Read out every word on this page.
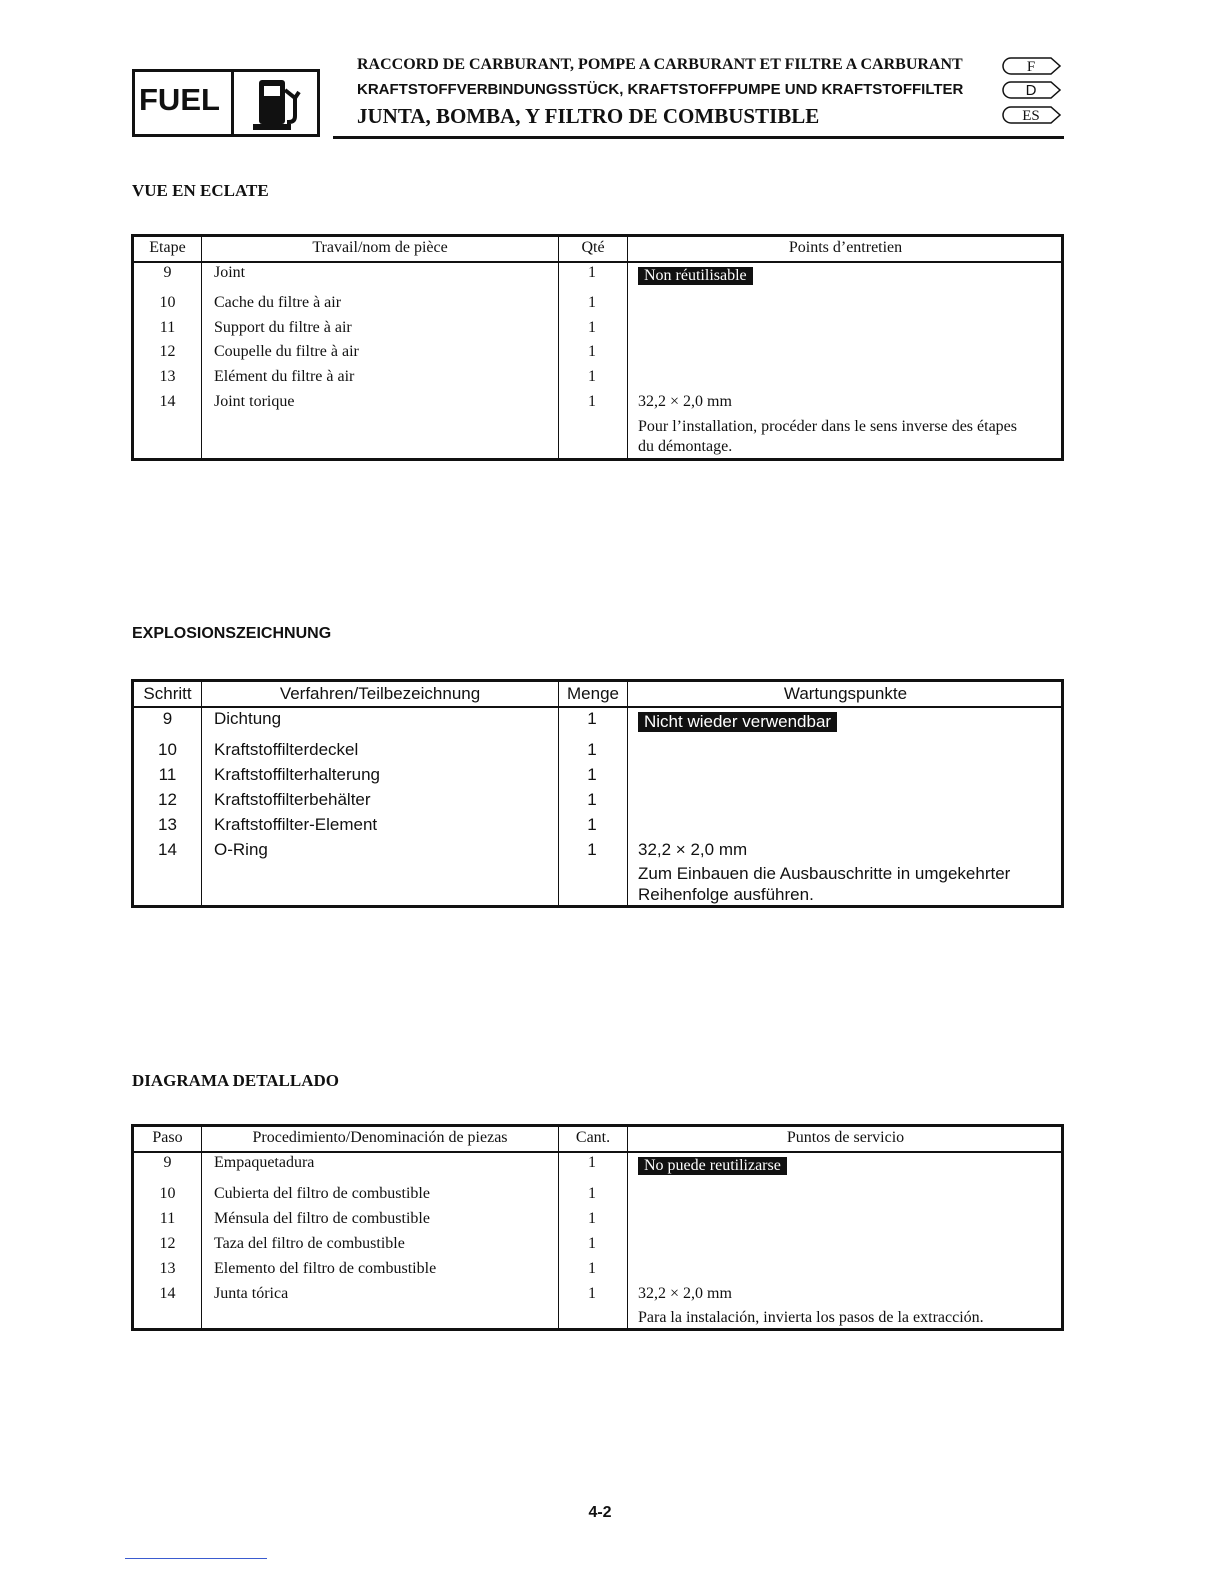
FUEL
RACCORD DE CARBURANT, POMPE A CARBURANT ET FILTRE A CARBURANT
KRAFTSTOFFVERBINDUNGSSTÜCK, KRAFTSTOFFPUMPE UND KRAFTSTOFFILTER
JUNTA, BOMBA, Y FILTRO DE COMBUSTIBLE
F
D
ES
VUE EN ECLATE
Etape	Travail/nom de pièce	Qté	Points d’entretien
9	Joint	1	Non réutilisable
10	Cache du filtre à air	1
11	Support du filtre à air	1
12	Coupelle du filtre à air	1
13	Elément du filtre à air	1
14	Joint torique	1	32,2 × 2,0 mm
Pour l’installation, procéder dans le sens inverse des étapes
du démontage.
EXPLOSIONSZEICHNUNG
Schritt	Verfahren/Teilbezeichnung	Menge	Wartungspunkte
9	Dichtung	1	Nicht wieder verwendbar
10	Kraftstoffilterdeckel	1
11	Kraftstoffilterhalterung	1
12	Kraftstoffilterbehälter	1
13	Kraftstoffilter-Element	1
14	O-Ring	1	32,2 × 2,0 mm
Zum Einbauen die Ausbauschritte in umgekehrter
Reihenfolge ausführen.
DIAGRAMA DETALLADO
Paso	Procedimiento/Denominación de piezas	Cant.	Puntos de servicio
9	Empaquetadura	1	No puede reutilizarse
10	Cubierta del filtro de combustible	1
11	Ménsula del filtro de combustible	1
12	Taza del filtro de combustible	1
13	Elemento del filtro de combustible	1
14	Junta tórica	1	32,2 × 2,0 mm
Para la instalación, invierta los pasos de la extracción.
4-2
